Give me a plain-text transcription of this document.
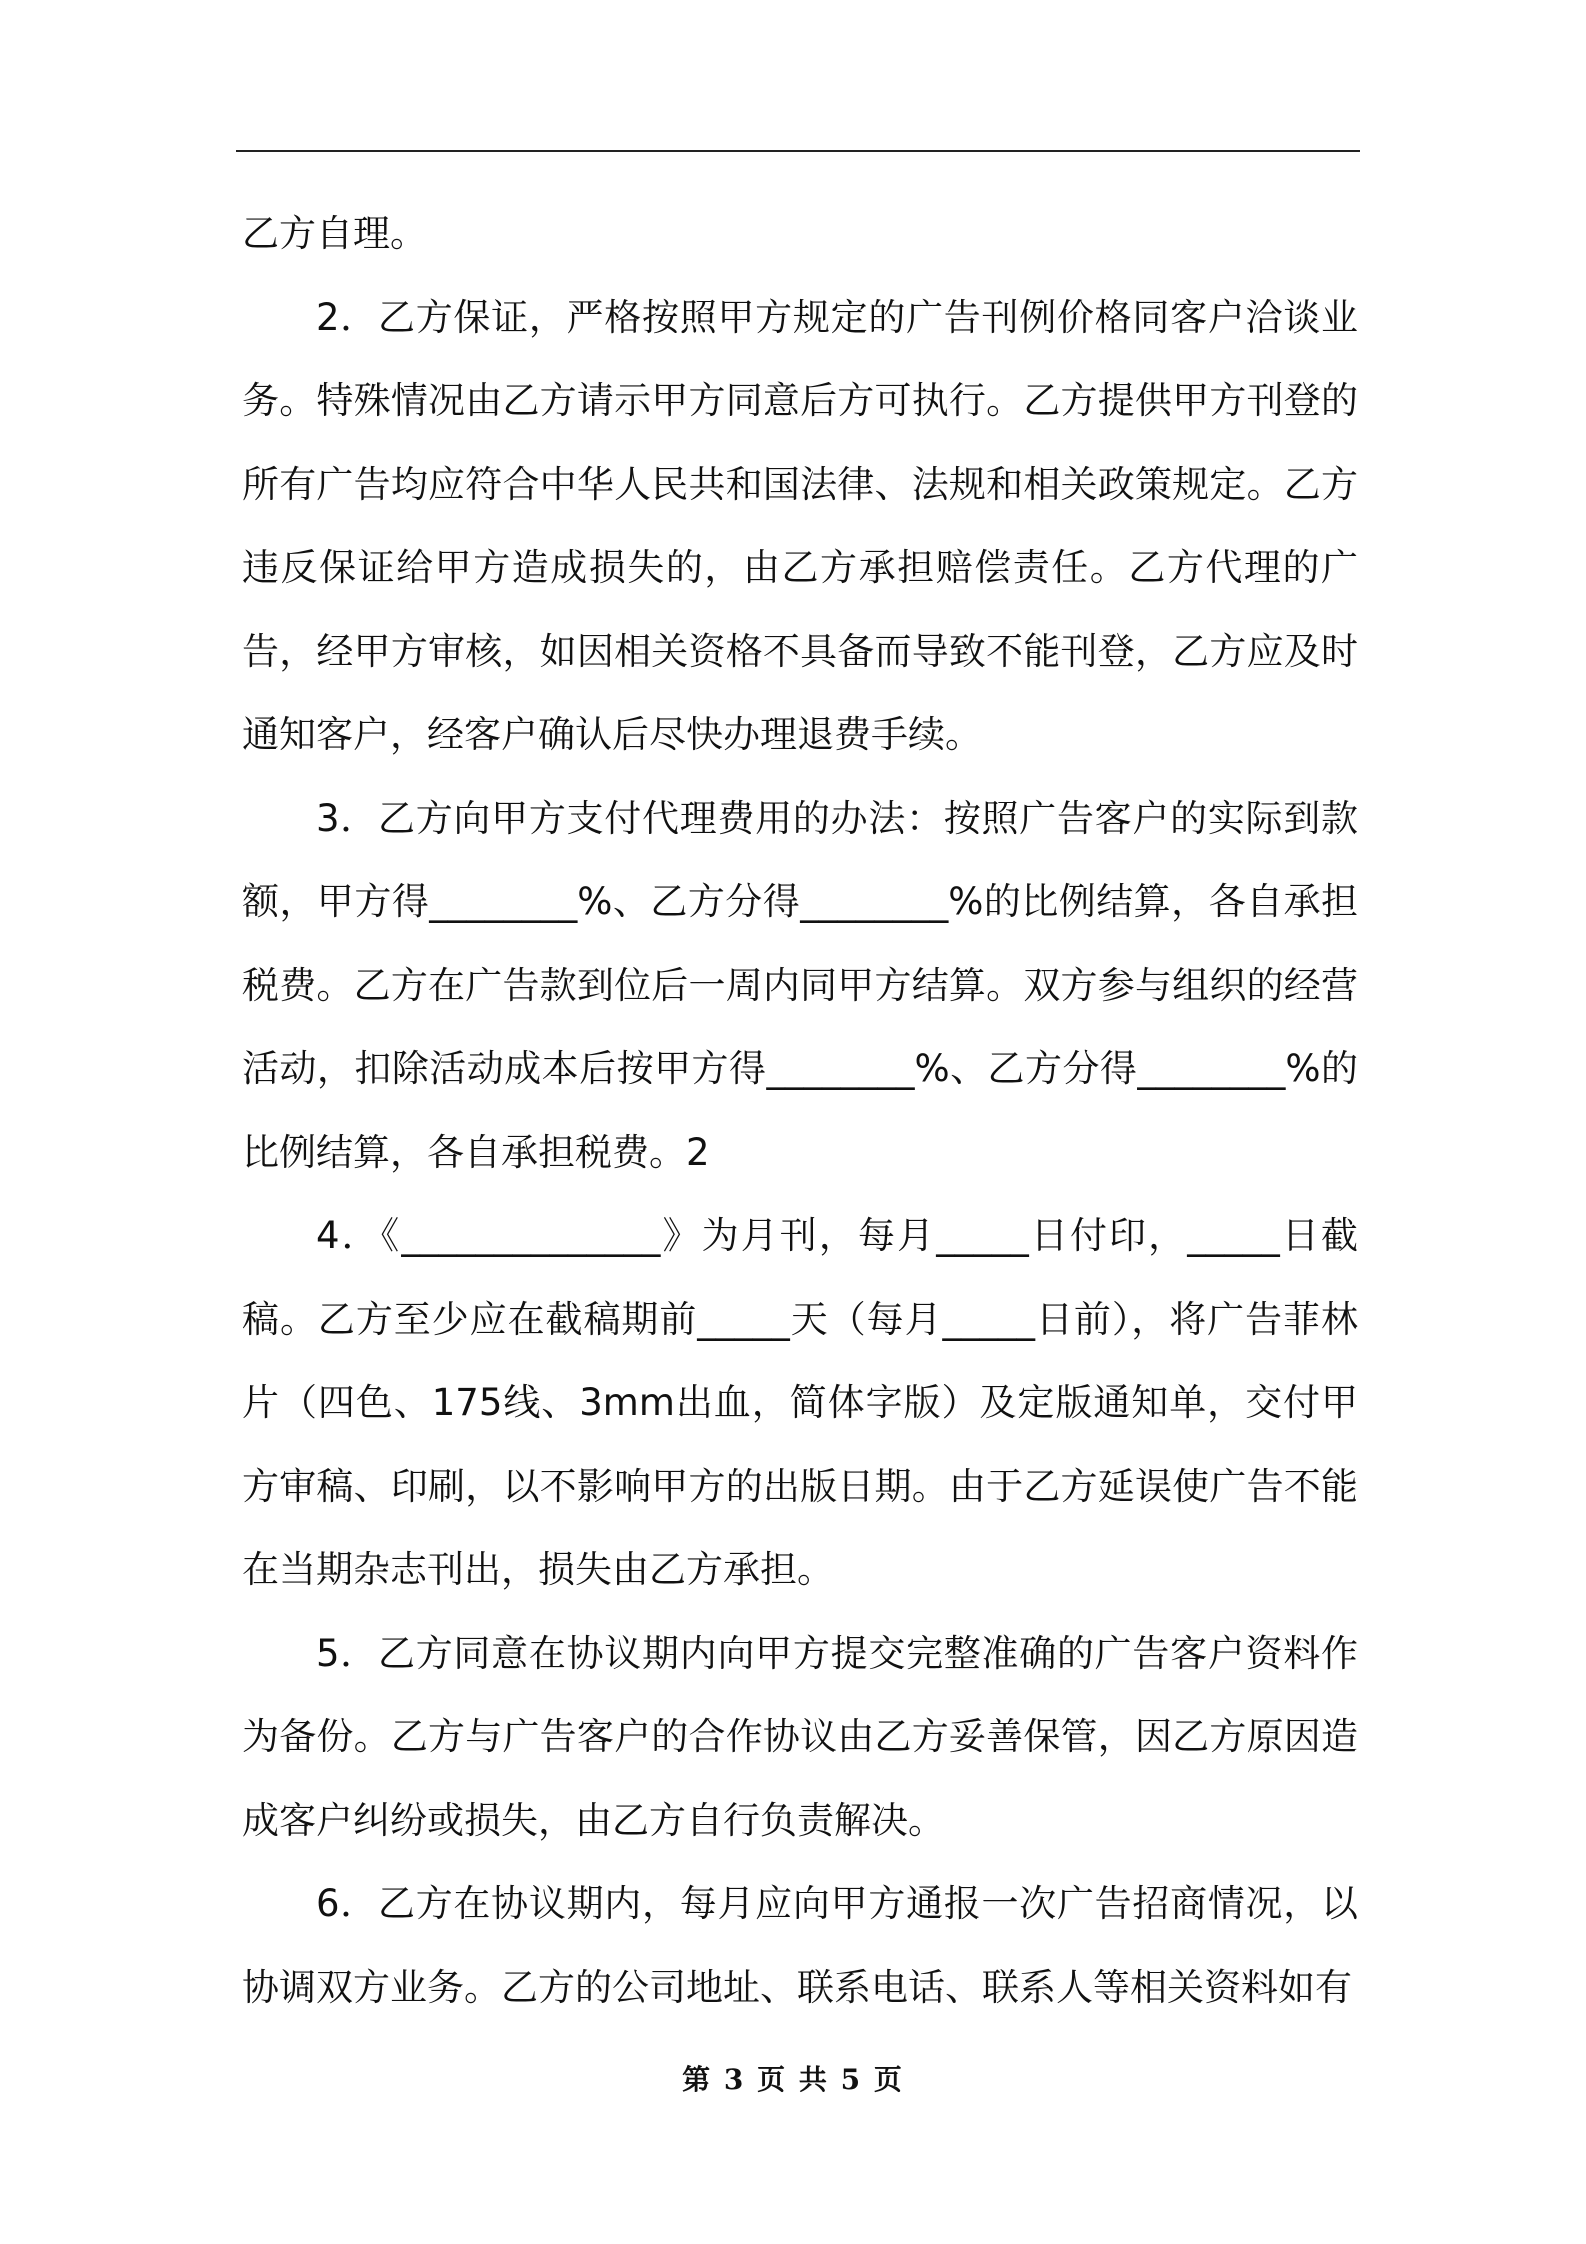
乙方自理。

2．乙方保证，严格按照甲方规定的广告刊例价格同客户洽谈业务。特殊情况由乙方请示甲方同意后方可执行。乙方提供甲方刊登的所有广告均应符合中华人民共和国法律、法规和相关政策规定。乙方违反保证给甲方造成损失的，由乙方承担赔偿责任。乙方代理的广告，经甲方审核，如因相关资格不具备而导致不能刊登，乙方应及时通知客户，经客户确认后尽快办理退费手续。

3．乙方向甲方支付代理费用的办法：按照广告客户的实际到款额，甲方得________%、乙方分得________%的比例结算，各自承担税费。乙方在广告款到位后一周内同甲方结算。双方参与组织的经营活动，扣除活动成本后按甲方得________%、乙方分得________%的比例结算，各自承担税费。2

4．《______________》为月刊，每月_____日付印，_____日截稿。乙方至少应在截稿期前_____天（每月_____日前），将广告菲林片（四色、175线、3mm出血，简体字版）及定版通知单，交付甲方审稿、印刷，以不影响甲方的出版日期。由于乙方延误使广告不能在当期杂志刊出，损失由乙方承担。

5．乙方同意在协议期内向甲方提交完整准确的广告客户资料作为备份。乙方与广告客户的合作协议由乙方妥善保管，因乙方原因造成客户纠纷或损失，由乙方自行负责解决。

6．乙方在协议期内，每月应向甲方通报一次广告招商情况，以协调双方业务。乙方的公司地址、联系电话、联系人等相关资料如有

第 3 页 共 5 页
